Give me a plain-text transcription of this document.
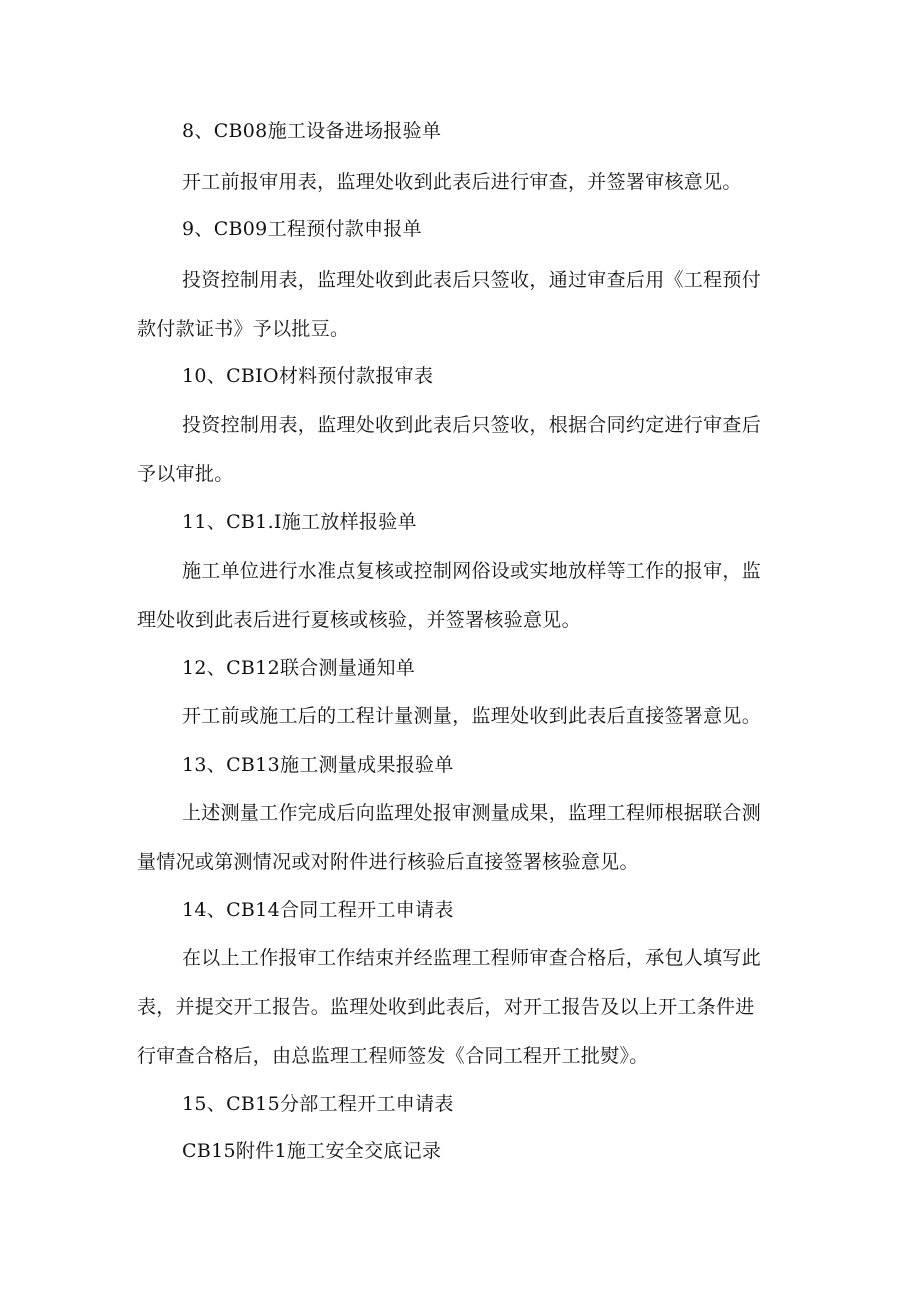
8、CB08施工设备进场报验单
开工前报审用表，监理处收到此表后进行审查，并签署审核意见。
9、CB09工程预付款申报单
投资控制用表，监理处收到此表后只签收，通过审查后用《工程预付
款付款证书》予以批豆。
10、CBIO材料预付款报审表
投资控制用表，监理处收到此表后只签收，根据合同约定进行审查后
予以审批。
11、CB1.I施工放样报验单
施工单位进行水准点复核或控制网俗设或实地放样等工作的报审，监
理处收到此表后进行夏核或核验，并签署核验意见。
12、CB12联合测量通知单
开工前或施工后的工程计量测量，监理处收到此表后直接签署意见。
13、CB13施工测量成果报验单
上述测量工作完成后向监理处报审测量成果，监理工程师根据联合测
量情况或第测情况或对附件进行核验后直接签署核验意见。
14、CB14合同工程开工申请表
在以上工作报审工作结束并经监理工程师审查合格后，承包人填写此
表，并提交开工报告。监理处收到此表后，对开工报告及以上开工条件进
行审查合格后，由总监理工程师签发《合同工程开工批熨》。
15、CB15分部工程开工申请表
CB15附件1施工安全交底记录
